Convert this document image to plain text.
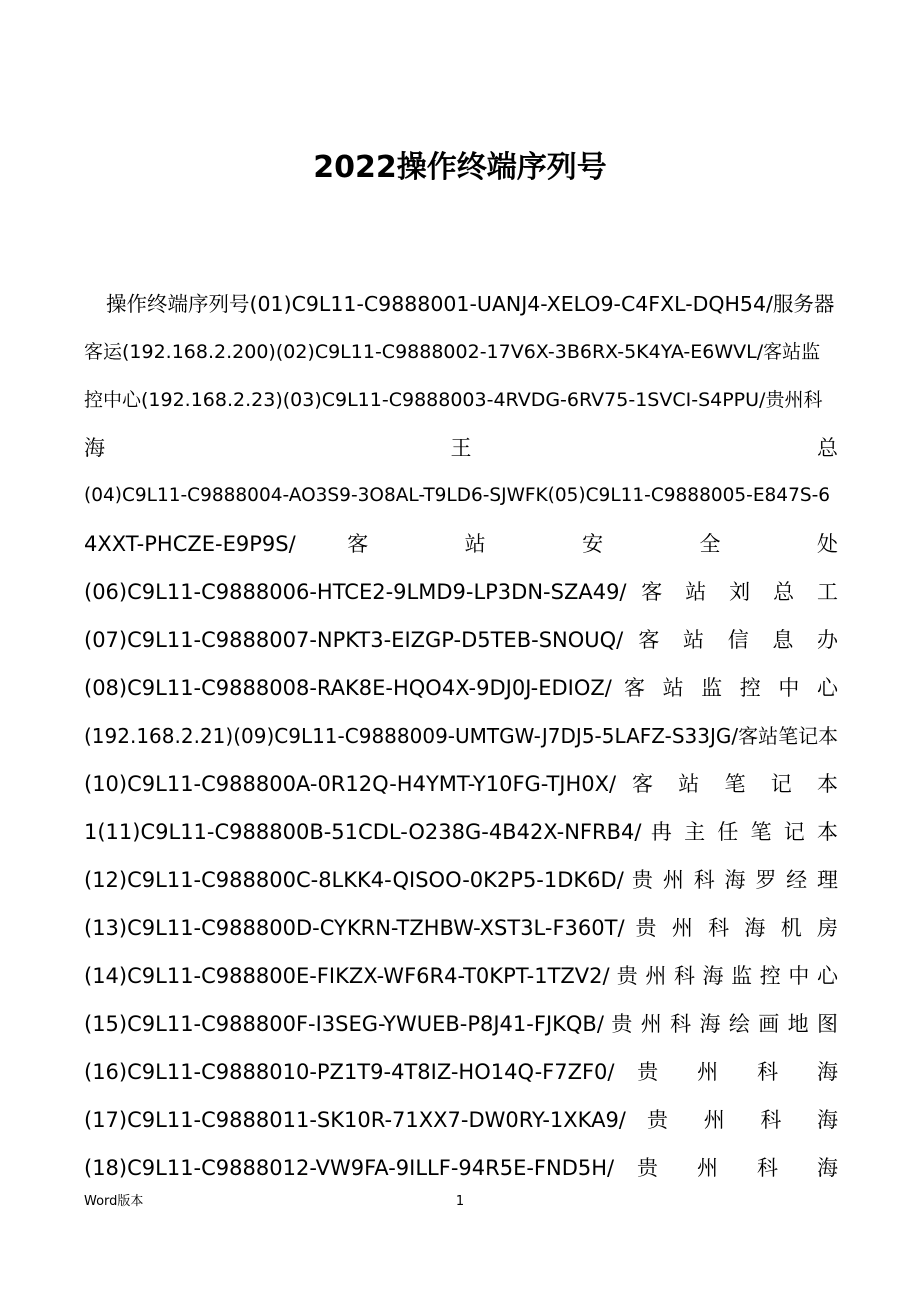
2022操作终端序列号
操作终端序列号(01)C9L11-C9888001-UANJ4-XELO9-C4FXL-DQH54/服务器
客运(192.168.2.200)(02)C9L11-C9888002-17V6X-3B6RX-5K4YA-E6WVL/客站监
控中心(192.168.2.23)(03)C9L11-C9888003-4RVDG-6RV75-1SVCI-S4PPU/贵州科
海 王 总
(04)C9L11-C9888004-AO3S9-3O8AL-T9LD6-SJWFK(05)C9L11-C9888005-E847S-6
4XXT-PHCZE-E9P9S/ 客 站 安 全 处
(06)C9L11-C9888006-HTCE2-9LMD9-LP3DN-SZA49/ 客 站 刘 总 工
(07)C9L11-C9888007-NPKT3-EIZGP-D5TEB-SNOUQ/ 客 站 信 息 办
(08)C9L11-C9888008-RAK8E-HQO4X-9DJ0J-EDIOZ/ 客 站 监 控 中 心
(192.168.2.21)(09)C9L11-C9888009-UMTGW-J7DJ5-5LAFZ-S33JG/客站笔记本
(10)C9L11-C988800A-0R12Q-H4YMT-Y10FG-TJH0X/ 客 站 笔 记 本
1(11)C9L11-C988800B-51CDL-O238G-4B42X-NFRB4/ 冉 主 任 笔 记 本
(12)C9L11-C988800C-8LKK4-QISOO-0K2P5-1DK6D/ 贵 州 科 海 罗 经 理
(13)C9L11-C988800D-CYKRN-TZHBW-XST3L-F360T/ 贵 州 科 海 机 房
(14)C9L11-C988800E-FIKZX-WF6R4-T0KPT-1TZV2/ 贵 州 科 海 监 控 中 心
(15)C9L11-C988800F-I3SEG-YWUEB-P8J41-FJKQB/ 贵 州 科 海 绘 画 地 图
(16)C9L11-C9888010-PZ1T9-4T8IZ-HO14Q-F7ZF0/ 贵 州 科 海
(17)C9L11-C9888011-SK10R-71XX7-DW0RY-1XKA9/ 贵 州 科 海
(18)C9L11-C9888012-VW9FA-9ILLF-94R5E-FND5H/ 贵 州 科 海
Word版本	1
